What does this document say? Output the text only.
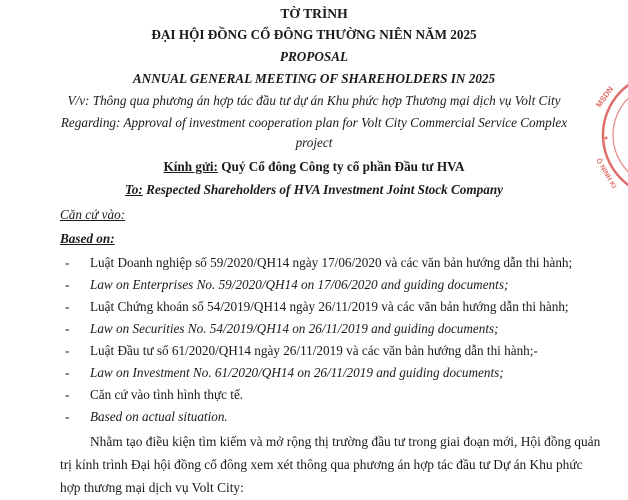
TỜ TRÌNH
ĐẠI HỘI ĐỒNG CỔ ĐÔNG THƯỜNG NIÊN NĂM 2025
PROPOSAL
ANNUAL GENERAL MEETING OF SHAREHOLDERS IN 2025
V/v: Thông qua phương án hợp tác đầu tư dự án Khu phức hợp Thương mại dịch vụ Volt City
Regarding: Approval of investment cooperation plan for Volt City Commercial Service Complex
project
Kính gửi: Quý Cổ đông Công ty cổ phần Đầu tư HVA
To: Respected Shareholders of HVA Investment Joint Stock Company
Căn cứ vào:
Based on:
- Luật Doanh nghiệp số 59/2020/QH14 ngày 17/06/2020 và các văn bản hướng dẫn thi hành;
- Law on Enterprises No. 59/2020/QH14 on 17/06/2020 and guiding documents;
- Luật Chứng khoán số 54/2019/QH14 ngày 26/11/2019 và các văn bản hướng dẫn thi hành;
- Law on Securities No. 54/2019/QH14 on 26/11/2019 and guiding documents;
- Luật Đầu tư số 61/2020/QH14 ngày 26/11/2019 và các văn bản hướng dẫn thi hành;-
- Law on Investment No. 61/2020/QH14 on 26/11/2019 and guiding documents;
- Căn cứ vào tình hình thực tế.
- Based on actual situation.
Nhằm tạo điều kiện tìm kiếm và mở rộng thị trường đầu tư trong giai đoạn mới, Hội đồng quản
trị kính trình Đại hội đồng cổ đông xem xét thông qua phương án hợp tác đầu tư Dự án Khu phức
hợp thương mại dịch vụ Volt City:
MSDN
Ô NINH KI
●
